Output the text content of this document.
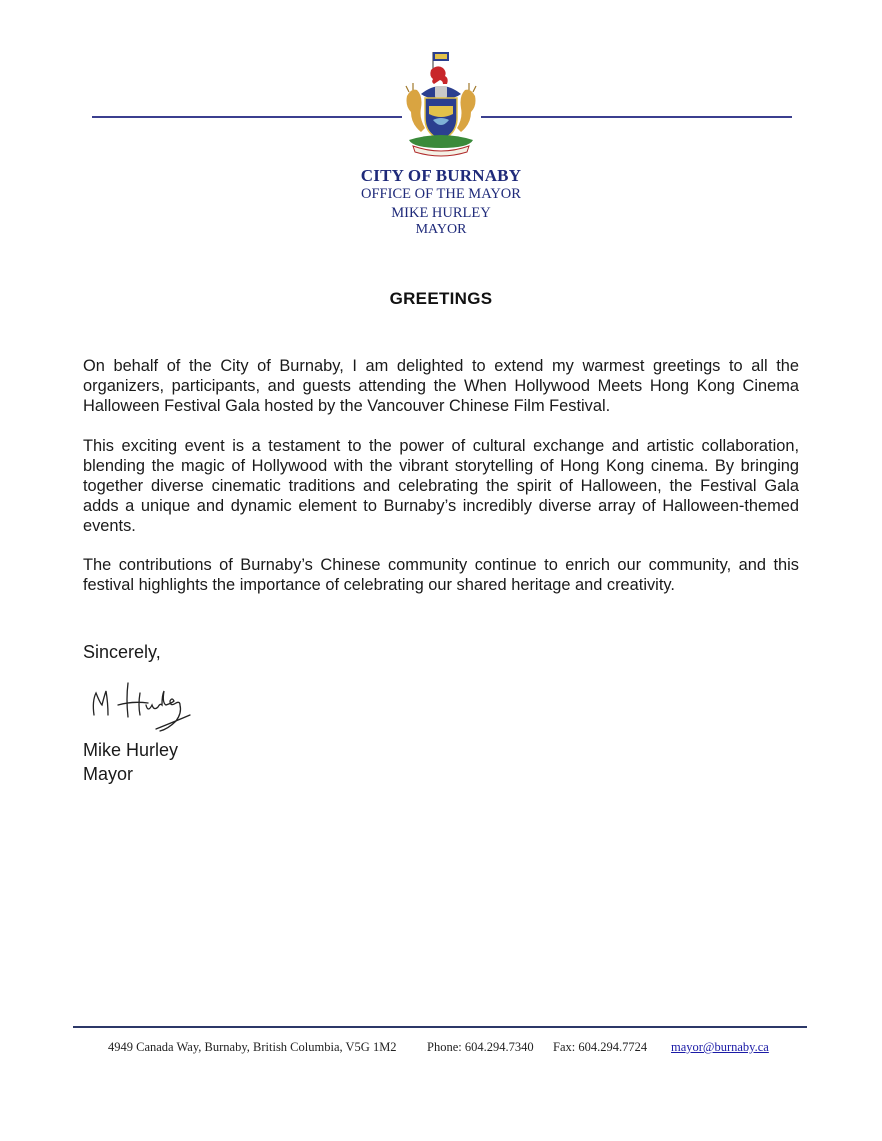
CITY OF BURNABY
OFFICE OF THE MAYOR
MIKE HURLEY
MAYOR
GREETINGS
On behalf of the City of Burnaby, I am delighted to extend my warmest greetings to all the organizers, participants, and guests attending the When Hollywood Meets Hong Kong Cinema Halloween Festival Gala hosted by the Vancouver Chinese Film Festival.
This exciting event is a testament to the power of cultural exchange and artistic collaboration, blending the magic of Hollywood with the vibrant storytelling of Hong Kong cinema. By bringing together diverse cinematic traditions and celebrating the spirit of Halloween, the Festival Gala adds a unique and dynamic element to Burnaby’s incredibly diverse array of Halloween-themed events.
The contributions of Burnaby’s Chinese community continue to enrich our community, and this festival highlights the importance of celebrating our shared heritage and creativity.
Sincerely,
Mike Hurley
Mayor
4949 Canada Way, Burnaby, British Columbia, V5G 1M2 Phone: 604.294.7340 Fax: 604.294.7724 mayor@burnaby.ca
